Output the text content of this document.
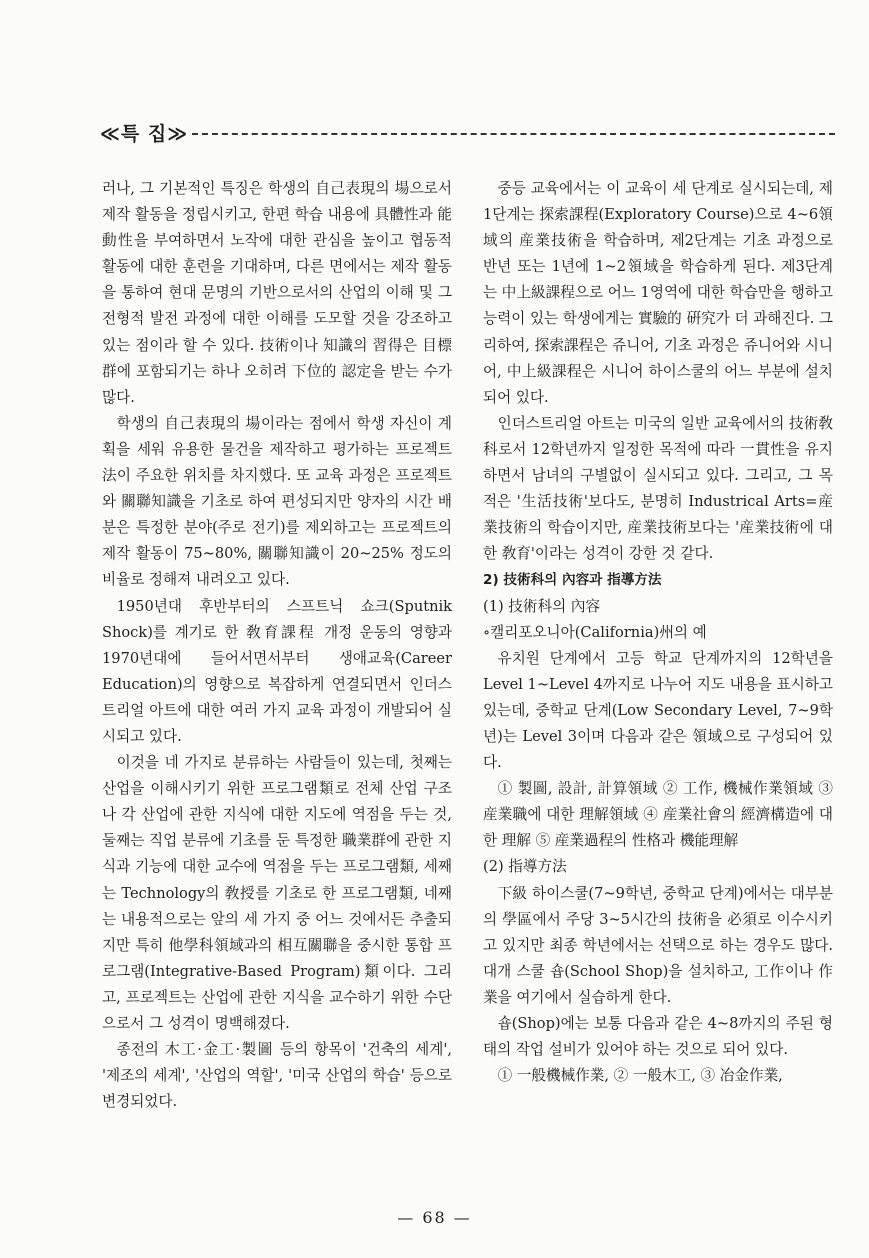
≪특 집≫

러나, 그 기본적인 특징은 학생의 自己表現의 場으로서 제작 활동을 정립시키고, 한편 학습 내용에 具體性과 能動性을 부여하면서 노작에 대한 관심을 높이고 협동적 활동에 대한 훈련을 기대하며, 다른 면에서는 제작 활동을 통하여 현대 문명의 기반으로서의 산업의 이해 및 그 전형적 발전 과정에 대한 이해를 도모할 것을 강조하고 있는 점이라 할 수 있다. 技術이나 知識의 習得은 目標群에 포함되기는 하나 오히려 下位的 認定을 받는 수가 많다.

학생의 自己表現의 場이라는 점에서 학생 자신이 계획을 세워 유용한 물건을 제작하고 평가하는 프로젝트 法이 주요한 위치를 차지했다. 또 교육 과정은 프로젝트와 關聯知識을 기초로 하여 편성되지만 양자의 시간 배분은 특정한 분야(주로 전기)를 제외하고는 프로젝트의 제작 활동이 75~80%, 關聯知識이 20~25% 정도의 비율로 정해져 내려오고 있다.

1950년대 후반부터의 스프트닉 쇼크(Sputnik Shock)를 계기로 한 敎育課程 개정 운동의 영향과 1970년대에 들어서면서부터 생애교육(Career Education)의 영향으로 복잡하게 연결되면서 인더스트리얼 아트에 대한 여러 가지 교육 과정이 개발되어 실시되고 있다.

이것을 네 가지로 분류하는 사람들이 있는데, 첫째는 산업을 이해시키기 위한 프로그램類로 전체 산업 구조나 각 산업에 관한 지식에 대한 지도에 역점을 두는 것, 둘째는 직업 분류에 기초를 둔 특정한 職業群에 관한 지식과 기능에 대한 교수에 역점을 두는 프로그램類, 세째는 Technology의 敎授를 기초로 한 프로그램類, 네째는 내용적으로는 앞의 세 가지 중 어느 것에서든 추출되지만 특히 他學科領域과의 相互關聯을 중시한 통합 프로그램(Integrative-Based Program)類이다. 그리고, 프로젝트는 산업에 관한 지식을 교수하기 위한 수단으로서 그 성격이 명백해졌다.

종전의 木工·金工·製圖 등의 항목이 '건축의 세계', '제조의 세계', '산업의 역할', '미국 산업의 학습' 등으로 변경되었다.

중등 교육에서는 이 교육이 세 단계로 실시되는데, 제1단계는 探索課程(Exploratory Course)으로 4~6領域의 産業技術을 학습하며, 제2단계는 기초 과정으로 반년 또는 1년에 1~2領域을 학습하게 된다. 제3단계는 中上級課程으로 어느 1영역에 대한 학습만을 행하고 능력이 있는 학생에게는 實驗的 硏究가 더 과해진다. 그리하여, 探索課程은 쥬니어, 기초 과정은 쥬니어와 시니어, 中上級課程은 시니어 하이스쿨의 어느 부분에 설치되어 있다.

인더스트리얼 아트는 미국의 일반 교육에서의 技術敎科로서 12학년까지 일정한 목적에 따라 一貫性을 유지하면서 남녀의 구별없이 실시되고 있다. 그리고, 그 목적은 '生活技術'보다도, 분명히 Industrical Arts=産業技術의 학습이지만, 産業技術보다는 '産業技術에 대한 敎育'이라는 성격이 강한 것 같다.

2) 技術科의 內容과 指導方法

(1) 技術科의 內容

∘캘리포오니아(California)州의 예

유치원 단계에서 고등 학교 단계까지의 12학년을 Level 1~Level 4까지로 나누어 지도 내용을 표시하고 있는데, 중학교 단계(Low Secondary Level, 7~9학년)는 Level 3이며 다음과 같은 領域으로 구성되어 있다.

① 製圖, 設計, 計算領域 ② 工作, 機械作業領域 ③ 産業職에 대한 理解領域 ④ 産業社會의 經濟構造에 대한 理解 ⑤ 産業過程의 性格과 機能理解

(2) 指導方法

下級 하이스쿨(7~9학년, 중학교 단계)에서는 대부분의 學區에서 주당 3~5시간의 技術을 必須로 이수시키고 있지만 최종 학년에서는 선택으로 하는 경우도 많다. 대개 스쿨 숍(School Shop)을 설치하고, 工作이나 作業을 여기에서 실습하게 한다.

숍(Shop)에는 보통 다음과 같은 4~8까지의 주된 형태의 작업 설비가 있어야 하는 것으로 되어 있다.

① 一般機械作業, ② 一般木工, ③ 冶金作業,

— 68 —
